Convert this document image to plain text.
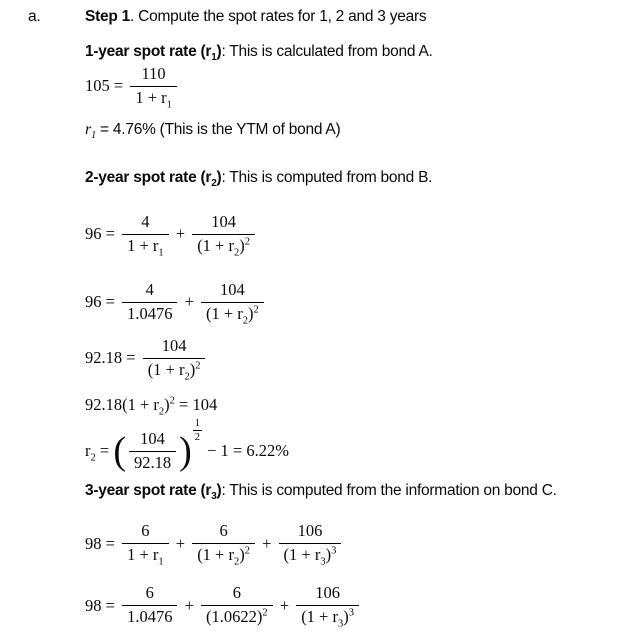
a.	Step 1. Compute the spot rates for 1, 2 and 3 years

1-year spot rate $(r_1)$: This is calculated from bond A.

$105 = \frac{110}{1 + r_1}$

$r_1 = 4.76\%$ (This is the YTM of bond A)

2-year spot rate $(r_2)$: This is computed from bond B.

$96 = \frac{4}{1 + r_1} + \frac{104}{(1 + r_2)^2}$
$96 = \frac{4}{1.0476} + \frac{104}{(1 + r_2)^2}$
$92.18 = \frac{104}{(1 + r_2)^2}$
$92.18(1 + r_2)^2 = 104$
$r_2$ = ( $\frac{104}{92.18}$ ) $\frac{1}{2}$
− 1 = 6.22%

3-year spot rate $(r_3)$: This is computed from the information on bond C.

$98 = \frac{6}{1 + r_1} + \frac{6}{(1 + r_2)^2} + \frac{106}{(1 + r_3)^3}$
$98 = \frac{6}{1.0476} + \frac{6}{(1.0622)^2} + \frac{106}{(1 + r_3)^3}$
